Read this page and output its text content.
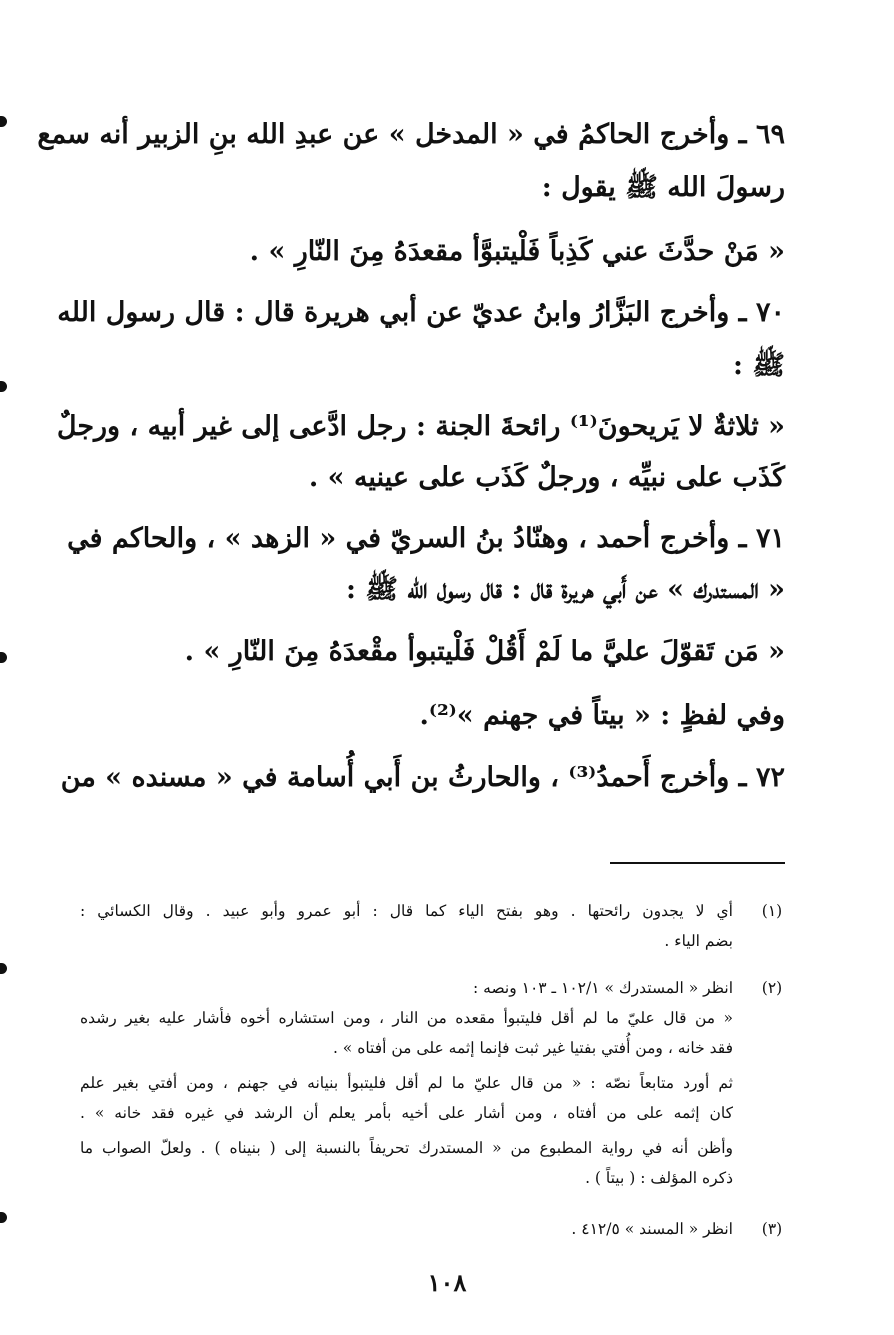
٦٩ ـ وأخرج الحاكمُ في « المدخل » عن عبدِ الله بنِ الزبير أنه سمع
رسولَ الله ﷺ يقول :
« مَنْ حدَّثَ عني كَذِباً فَلْيتبوَّأ مقعدَهُ مِنَ النّارِ » .
٧٠ ـ وأخرج البَزَّارُ وابنُ عديّ عن أبي هريرة قال : قال رسول الله
ﷺ :
« ثلاثةٌ لا يَريحونَ⁽¹⁾ رائحةَ الجنة : رجل ادَّعى إلى غير أبيه ، ورجلٌ
كَذَب على نبيِّه ، ورجلٌ كَذَب على عينيه » .
٧١ ـ وأخرج أحمد ، وهنّادُ بنُ السريّ في « الزهد » ، والحاكم في
« المستدرك » عن أَبي هريرة قال : قال رسول الله ﷺ :
« مَن تَقوّلَ عليَّ ما لَمْ أَقُلْ فَلْيتبوأ مقْعدَهُ مِنَ النّارِ » .
وفي لفظٍ : « بيتاً في جهنم »⁽²⁾.
٧٢ ـ وأخرج أَحمدُ⁽³⁾ ، والحارثُ بن أَبي أُسامة في « مسنده » من
(١)
أي لا يجدون رائحتها . وهو بفتح الياء كما قال : أبو عمرو وأبو عبيد . وقال الكسائي :
بضم الياء .
(٢)
انظر « المستدرك » ١٠٢/١ ـ ١٠٣ ونصه :
« من قال عليّ ما لم أقل فليتبوأ مقعده من النار ، ومن استشاره أخوه فأشار عليه بغير رشده
فقد خانه ، ومن أُفتي بفتيا غير ثبت فإنما إثمه على من أفتاه » .
ثم أورد متابعاً نصّه : « من قال عليّ ما لم أقل فليتبوأ بنيانه في جهنم ، ومن أفتي بغير علم
كان إثمه على من أفتاه ، ومن أشار على أخيه بأمر يعلم أن الرشد في غيره فقد خانه » .
وأظن أنه في رواية المطبوع من « المستدرك تحريفاً بالنسبة إلى ( بنيناه ) . ولعلّ الصواب ما
ذكره المؤلف : ( بيتاً ) .
(٣)
انظر « المسند » ٤١٢/٥ .
١٠٨
